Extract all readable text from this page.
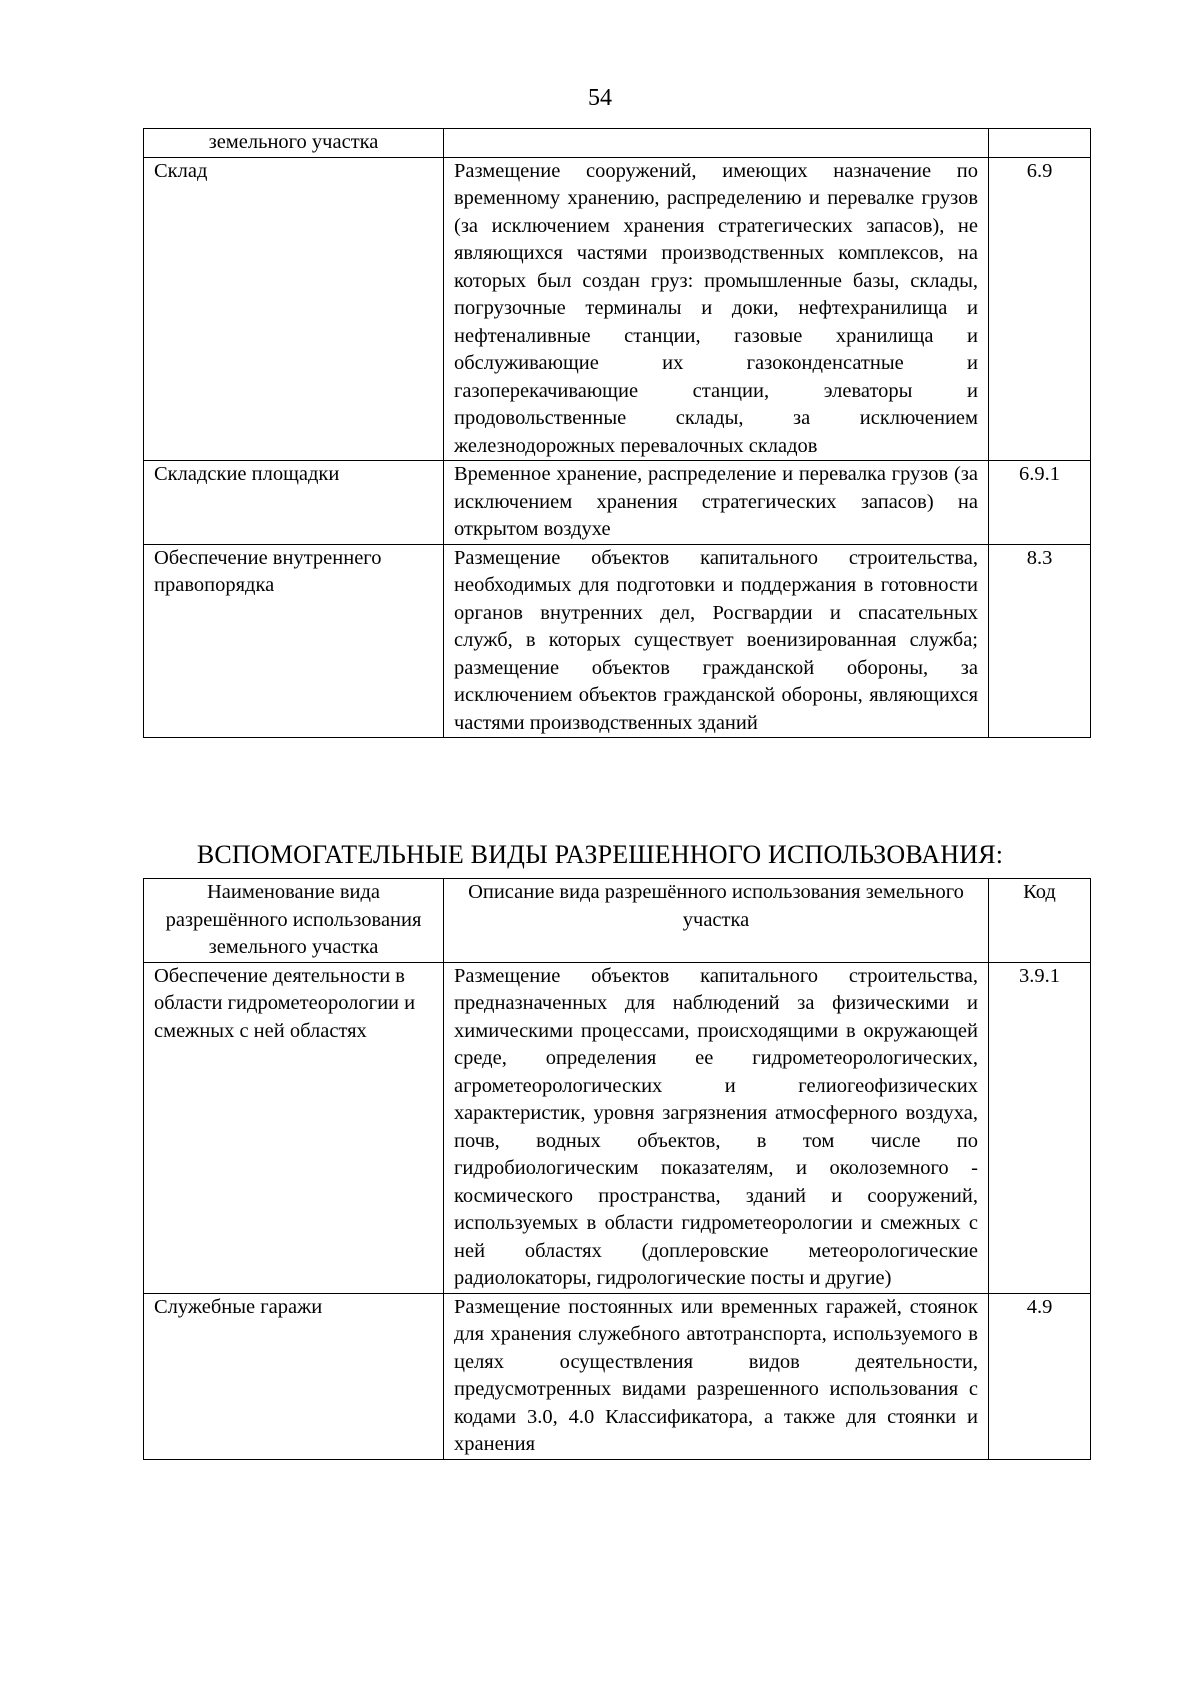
54
земельного участка		
Склад	Размещение сооружений, имеющих назначение по временному хранению, распределению и перевалке грузов (за исключением хранения стратегических запасов), не являющихся частями производственных комплексов, на которых был создан груз: промышленные базы, склады, погрузочные терминалы и доки, нефтехранилища и нефтеналивные станции, газовые хранилища и обслуживающие их газоконденсатные и газоперекачивающие станции, элеваторы и продовольственные склады, за исключением железнодорожных перевалочных складов	6.9
Складские площадки	Временное хранение, распределение и перевалка грузов (за исключением хранения стратегических запасов) на открытом воздухе	6.9.1
Обеспечение внутреннего правопорядка	Размещение объектов капитального строительства, необходимых для подготовки и поддержания в готовности органов внутренних дел, Росгвардии и спасательных служб, в которых существует военизированная служба; размещение объектов гражданской обороны, за исключением объектов гражданской обороны, являющихся частями производственных зданий	8.3
ВСПОМОГАТЕЛЬНЫЕ ВИДЫ РАЗРЕШЕННОГО ИСПОЛЬЗОВАНИЯ:
Наименование вида разрешённого использования земельного участка	Описание вида разрешённого использования земельного участка	Код
Обеспечение деятельности в области гидрометеорологии и смежных с ней областях	Размещение объектов капитального строительства, предназначенных для наблюдений за физическими и химическими процессами, происходящими в окружающей среде, определения ее гидрометеорологических, агрометеорологических и гелиогеофизических характеристик, уровня загрязнения атмосферного воздуха, почв, водных объектов, в том числе по гидробиологическим показателям, и околоземного - космического пространства, зданий и сооружений, используемых в области гидрометеорологии и смежных с ней областях (доплеровские метеорологические радиолокаторы, гидрологические посты и другие)	3.9.1
Служебные гаражи	Размещение постоянных или временных гаражей, стоянок для хранения служебного автотранспорта, используемого в целях осуществления видов деятельности, предусмотренных видами разрешенного использования с кодами 3.0, 4.0 Классификатора, а также для стоянки и хранения	4.9
